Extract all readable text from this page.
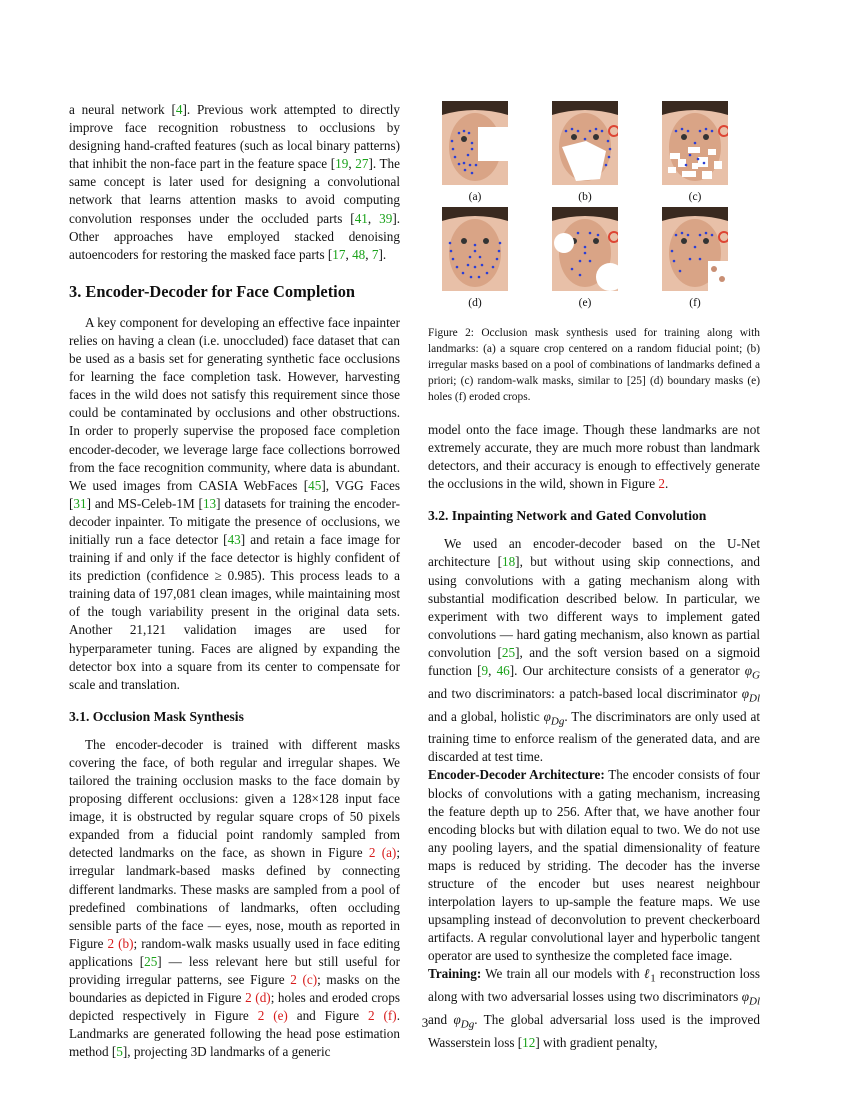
a neural network [4]. Previous work attempted to directly improve face recognition robustness to occlusions by designing hand-crafted features (such as local binary patterns) that inhibit the non-face part in the feature space [19, 27]. The same concept is later used for designing a convolutional network that learns attention masks to avoid computing convolution responses under the occluded parts [41, 39]. Other approaches have employed stacked denoising autoencoders for restoring the masked face parts [17, 48, 7].

3. Encoder-Decoder for Face Completion

A key component for developing an effective face inpainter relies on having a clean (i.e. unoccluded) face dataset that can be used as a basis set for generating synthetic face occlusions for learning the face completion task. However, harvesting faces in the wild does not satisfy this requirement since those could be contaminated by occlusions and other obstructions. In order to properly supervise the proposed face completion encoder-decoder, we leverage large face collections borrowed from the face recognition community, where data is abundant. We used images from CASIA WebFaces [45], VGG Faces [31] and MS-Celeb-1M [13] datasets for training the encoder-decoder inpainter. To mitigate the presence of occlusions, we initially run a face detector [43] and retain a face image for training if and only if the face detector is highly confident of its prediction (confidence ≥ 0.985). This process leads to a training data of 197,081 clean images, while maintaining most of the tough variability present in the original data sets. Another 21,121 validation images are used for hyperparameter tuning. Faces are aligned by expanding the detector box into a square from its center to compensate for scale and translation.

3.1. Occlusion Mask Synthesis

The encoder-decoder is trained with different masks covering the face, of both regular and irregular shapes. We tailored the training occlusion masks to the face domain by proposing different occlusions: given a 128×128 input face image, it is obstructed by regular square crops of 50 pixels expanded from a fiducial point randomly sampled from detected landmarks on the face, as shown in Figure 2 (a); irregular landmark-based masks defined by connecting different landmarks. These masks are sampled from a pool of predefined combinations of landmarks, often occluding sensible parts of the face — eyes, nose, mouth as reported in Figure 2 (b); random-walk masks usually used in face editing applications [25] — less relevant here but still useful for providing irregular patterns, see Figure 2 (c); masks on the boundaries as depicted in Figure 2 (d); holes and eroded crops depicted respectively in Figure 2 (e) and Figure 2 (f). Landmarks are generated following the head pose estimation method [5], projecting 3D landmarks of a generic

(a)	(b)	(c)
(d)	(e)	(f)

Figure 2: Occlusion mask synthesis used for training along with landmarks: (a) a square crop centered on a random fiducial point; (b) irregular masks based on a pool of combinations of landmarks defined a priori; (c) random-walk masks, similar to [25] (d) boundary masks (e) holes (f) eroded crops.

model onto the face image. Though these landmarks are not extremely accurate, they are much more robust than landmark detectors, and their accuracy is enough to effectively generate the occlusions in the wild, shown in Figure 2.

3.2. Inpainting Network and Gated Convolution

We used an encoder-decoder based on the U-Net architecture [18], but without using skip connections, and using convolutions with a gating mechanism along with substantial modification described below. In particular, we experiment with two different ways to implement gated convolutions — hard gating mechanism, also known as partial convolution [25], and the soft version based on a sigmoid function [9, 46]. Our architecture consists of a generator $\varphi_G$ and two discriminators: a patch-based local discriminator $\varphi_{Dl}$ and a global, holistic $\varphi_{Dg}$. The discriminators are only used at training time to enforce realism of the generated data, and are discarded at test time.

Encoder-Decoder Architecture: The encoder consists of four blocks of convolutions with a gating mechanism, increasing the feature depth up to 256. After that, we have another four encoding blocks but with dilation equal to two. We do not use any pooling layers, and the spatial dimensionality of feature maps is reduced by striding. The decoder has the inverse structure of the encoder but uses nearest neighbour interpolation layers to up-sample the feature maps. We use upsampling instead of deconvolution to prevent checkerboard artifacts. A regular convolutional layer and hyperbolic tangent operator are used to synthesize the completed face image.

Training: We train all our models with ℓ$_1$ reconstruction loss along with two adversarial losses using two discriminators $\varphi_{Dl}$ and $\varphi_{Dg}$. The global adversarial loss used is the improved Wasserstein loss [12] with gradient penalty,

3
